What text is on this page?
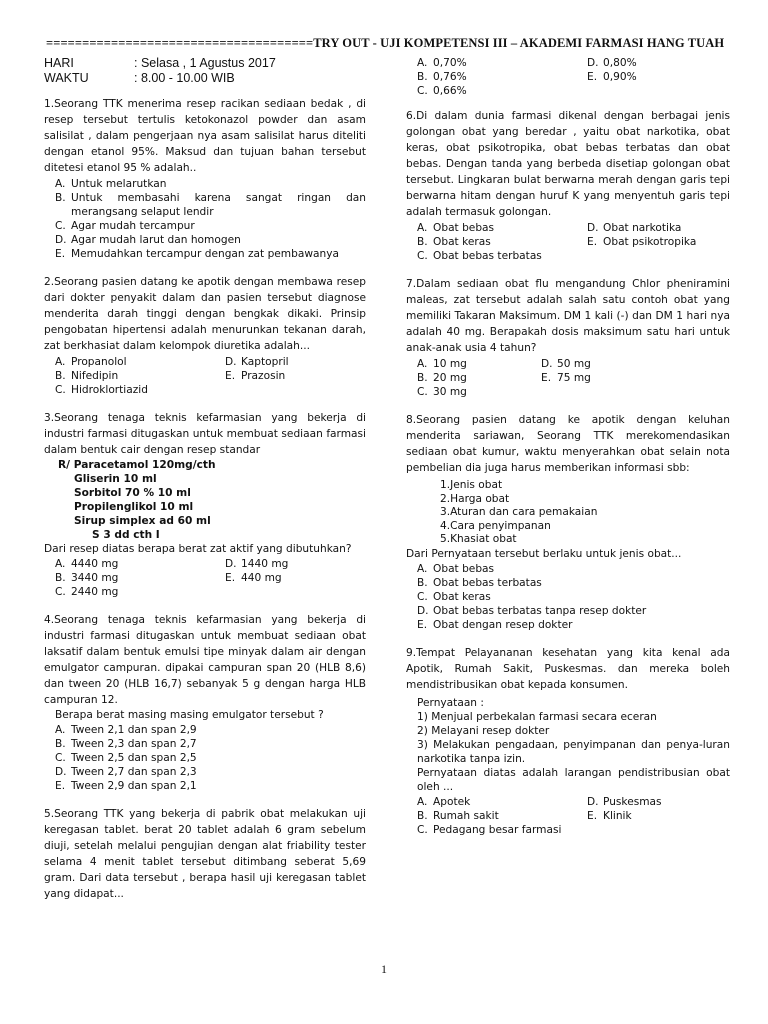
=====================================TRY OUT - UJI KOMPETENSI III – AKADEMI FARMASI HANG TUAH
HARI	: Selasa , 1 Agustus 2017
WAKTU	: 8.00 - 10.00 WIB
1.Seorang TTK menerima resep racikan sediaan bedak , di resep tersebut tertulis ketokonazol powder dan asam salisilat , dalam pengerjaan nya asam salisilat harus diteliti dengan etanol 95%. Maksud dan tujuan bahan tersebut ditetesi etanol 95 % adalah..
A. Untuk melarutkan
B. Untuk membasahi karena sangat ringan dan merangsang selaput lendir
C. Agar mudah tercampur
D. Agar mudah larut dan homogen
E. Memudahkan tercampur dengan zat pembawanya
2.Seorang pasien datang ke apotik dengan membawa resep dari dokter penyakit dalam dan pasien tersebut diagnose menderita darah tinggi dengan bengkak dikaki. Prinsip pengobatan hipertensi adalah menurunkan tekanan darah, zat berkhasiat dalam kelompok diuretika adalah...
A. Propanolol	D. Kaptopril
B. Nifedipin	E. Prazosin
C. Hidroklortiazid
3.Seorang tenaga teknis kefarmasian yang bekerja di industri farmasi ditugaskan untuk membuat sediaan farmasi dalam bentuk cair dengan resep standar
R/ Paracetamol 120mg/cth
Gliserin 10 ml
Sorbitol 70 % 10 ml
Propilenglikol 10 ml
Sirup simplex ad 60 ml
S 3 dd cth I
Dari resep diatas berapa berat zat aktif yang dibutuhkan?
A. 4440 mg	D. 1440 mg
B. 3440 mg	E. 440 mg
C. 2440 mg
4.Seorang tenaga teknis kefarmasian yang bekerja di industri farmasi ditugaskan untuk membuat sediaan obat laksatif dalam bentuk emulsi tipe minyak dalam air dengan emulgator campuran. dipakai campuran span 20 (HLB 8,6) dan tween 20 (HLB 16,7) sebanyak 5 g dengan harga HLB campuran 12.
Berapa berat masing masing emulgator tersebut ?
A. Tween 2,1 dan span 2,9
B. Tween 2,3 dan span 2,7
C. Tween 2,5 dan span 2,5
D. Tween 2,7 dan span 2,3
E. Tween 2,9 dan span 2,1
5.Seorang TTK yang bekerja di pabrik obat melakukan uji keregasan tablet. berat 20 tablet adalah 6 gram sebelum diuji, setelah melalui pengujian dengan alat friability tester selama 4 menit tablet tersebut ditimbang seberat 5,69 gram. Dari data tersebut , berapa hasil uji keregasan tablet yang didapat...
A. 0,70%	D. 0,80%
B. 0,76%	E. 0,90%
C. 0,66%
6.Di dalam dunia farmasi dikenal dengan berbagai jenis golongan obat yang beredar , yaitu obat narkotika, obat keras, obat psikotropika, obat bebas terbatas dan obat bebas. Dengan tanda yang berbeda disetiap golongan obat tersebut. Lingkaran bulat berwarna merah dengan garis tepi berwarna hitam dengan huruf K yang menyentuh garis tepi adalah termasuk golongan.
A. Obat bebas	D. Obat narkotika
B. Obat keras	E. Obat psikotropika
C. Obat bebas terbatas
7.Dalam sediaan obat flu mengandung Chlor pheniramini maleas, zat tersebut adalah salah satu contoh obat yang memiliki Takaran Maksimum. DM 1 kali (-) dan DM 1 hari nya adalah 40 mg. Berapakah dosis maksimum satu hari untuk anak-anak usia 4 tahun?
A. 10 mg	D. 50 mg
B. 20 mg	E. 75 mg
C. 30 mg
8.Seorang pasien datang ke apotik dengan keluhan menderita sariawan, Seorang TTK merekomendasikan sediaan obat kumur, waktu menyerahkan obat selain nota pembelian dia juga harus memberikan informasi sbb:
1.Jenis obat
2.Harga obat
3.Aturan dan cara pemakaian
4.Cara penyimpanan
5.Khasiat obat
Dari Pernyataan tersebut berlaku untuk jenis obat...
A. Obat bebas
B. Obat bebas terbatas
C. Obat keras
D. Obat bebas terbatas tanpa resep dokter
E. Obat dengan resep dokter
9.Tempat Pelayananan kesehatan yang kita kenal ada Apotik, Rumah Sakit, Puskesmas. dan mereka boleh mendistribusikan obat kepada konsumen.
Pernyataan :
1) Menjual perbekalan farmasi secara eceran
2) Melayani resep dokter
3) Melakukan pengadaan, penyimpanan dan penya-luran narkotika tanpa izin.
Pernyataan diatas adalah larangan pendistribusian obat oleh ...
A. Apotek	D. Puskesmas
B. Rumah sakit	E. Klinik
C. Pedagang besar farmasi
1
